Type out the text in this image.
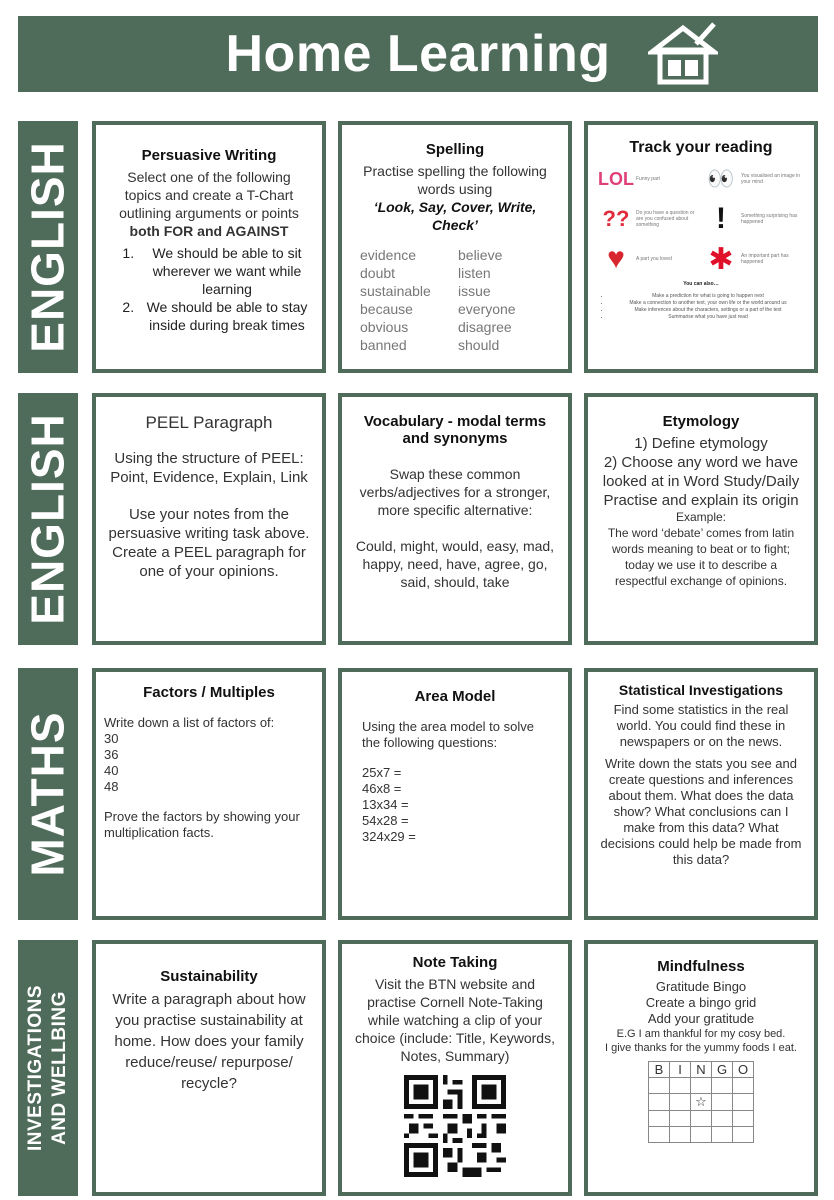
Home Learning
ENGLISH
ENGLISH
MATHS
INVESTIGATIONS AND WELLBING
Persuasive Writing
Select one of the following topics and create a T-Chart outlining arguments or points both FOR and AGAINST
1. We should be able to sit wherever we want while learning
2. We should be able to stay inside during break times
Spelling
Practise spelling the following words using
‘Look, Say, Cover, Write, Check’
evidence	believe
doubt	listen
sustainable	issue
because	everyone
obvious	disagree
banned	should
Track your reading
LOL Funny part	👀	You visualised an image in your mind
??	Do you have a question or are you confused about something	!	Something surprising has happened
♥	A part you loved	✱	An important part has happened
You can also…
• Make a prediction for what is going to happen next
• Make a connection to another text, your own life or the world around us
• Make inferences about the characters, settings or a part of the text
• Summarise what you have just read
PEEL Paragraph
Using the structure of PEEL: Point, Evidence, Explain, Link
Use your notes from the persuasive writing task above. Create a PEEL paragraph for one of your opinions.
Vocabulary - modal terms and synonyms
Swap these common verbs/adjectives for a stronger, more specific alternative:
Could, might, would, easy, mad, happy, need, have, agree, go, said, should, take
Etymology
1) Define etymology
2) Choose any word we have looked at in Word Study/Daily Practise and explain its origin
Example:
The word ‘debate’ comes from latin words meaning to beat or to fight; today we use it to describe a respectful exchange of opinions.
Factors / Multiples
Write down a list of factors of:
30
36
40
48
Prove the factors by showing your multiplication facts.
Area Model
Using the area model to solve the following questions:
25x7 =
46x8 =
13x34 =
54x28 =
324x29 =
Statistical Investigations
Find some statistics in the real world. You could find these in newspapers or on the news.
Write down the stats you see and create questions and inferences about them. What does the data show? What conclusions can I make from this data? What decisions could help be made from this data?
Sustainability
Write a paragraph about how you practise sustainability at home. How does your family reduce/reuse/ repurpose/ recycle?
Note Taking
Visit the BTN website and practise Cornell Note-Taking while watching a clip of your choice (include: Title, Keywords, Notes, Summary)
Mindfulness
Gratitude Bingo
Create a bingo grid
Add your gratitude
E.G I am thankful for my cosy bed.
I give thanks for the yummy foods I eat.
B	I	N	G	O

		☆		
